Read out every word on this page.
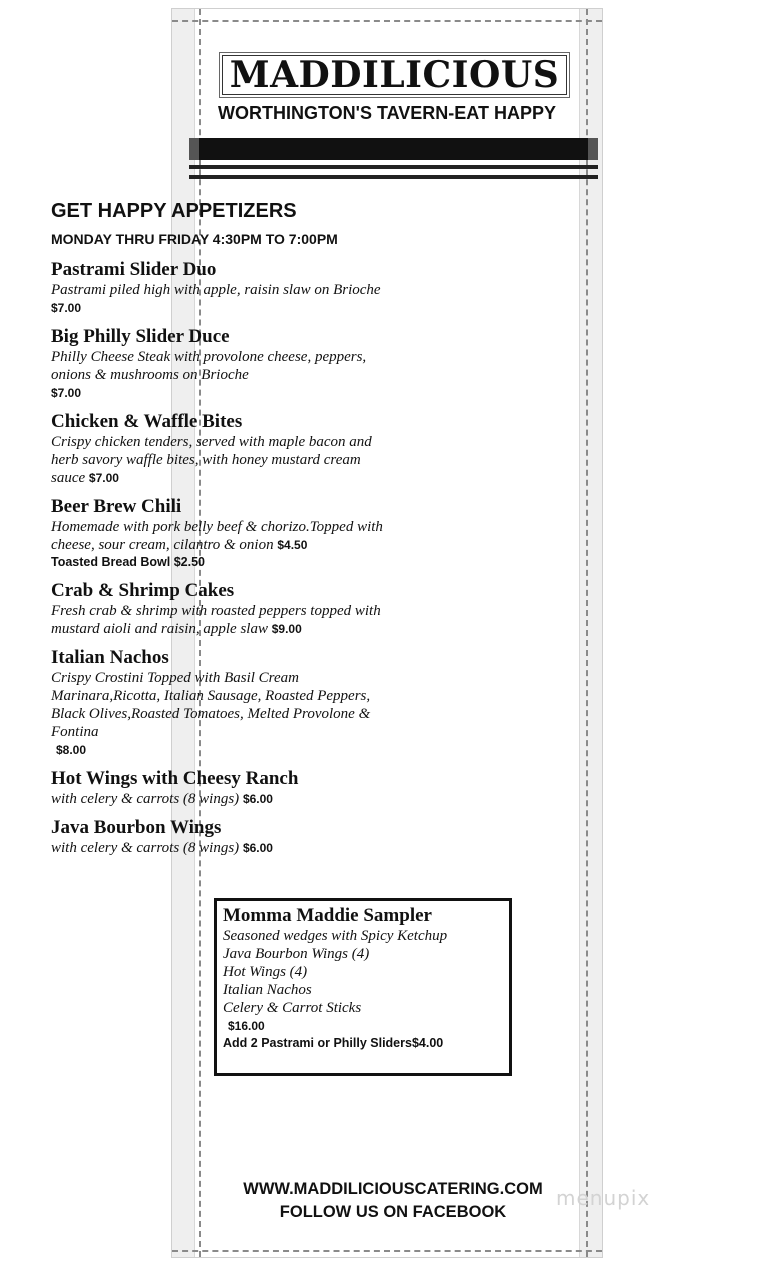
MADDILICIOUS
WORTHINGTON'S TAVERN-EAT HAPPY
GET HAPPY APPETIZERS
MONDAY THRU FRIDAY 4:30PM TO 7:00PM
Pastrami Slider Duo
Pastrami piled high with apple, raisin slaw on Brioche $7.00
Big Philly Slider Duce
Philly Cheese Steak with provolone cheese, peppers, onions & mushrooms on Brioche
$7.00
Chicken & Waffle Bites
Crispy chicken tenders, served with maple bacon and herb savory waffle bites, with honey mustard cream sauce $7.00
Beer Brew Chili
Homemade with pork belly beef & chorizo.Topped with cheese, sour cream, cilantro & onion $4.50
Toasted Bread Bowl $2.50
Crab & Shrimp Cakes
Fresh crab & shrimp with roasted peppers topped with mustard aioli and raisin, apple slaw $9.00
Italian Nachos
Crispy Crostini Topped with Basil Cream Marinara,Ricotta, Italian Sausage, Roasted Peppers, Black Olives,Roasted Tomatoes, Melted Provolone & Fontina
$8.00
Hot Wings with Cheesy Ranch
with celery & carrots (8 wings) $6.00
Java Bourbon Wings
with celery & carrots (8 wings) $6.00
Momma Maddie Sampler
Seasoned wedges with Spicy Ketchup
Java Bourbon Wings (4)
Hot Wings (4)
Italian Nachos
Celery & Carrot Sticks
$16.00
Add 2 Pastrami or Philly Sliders$4.00
WWW.MADDILICIOUSCATERING.COM
FOLLOW US ON FACEBOOK
menupix
